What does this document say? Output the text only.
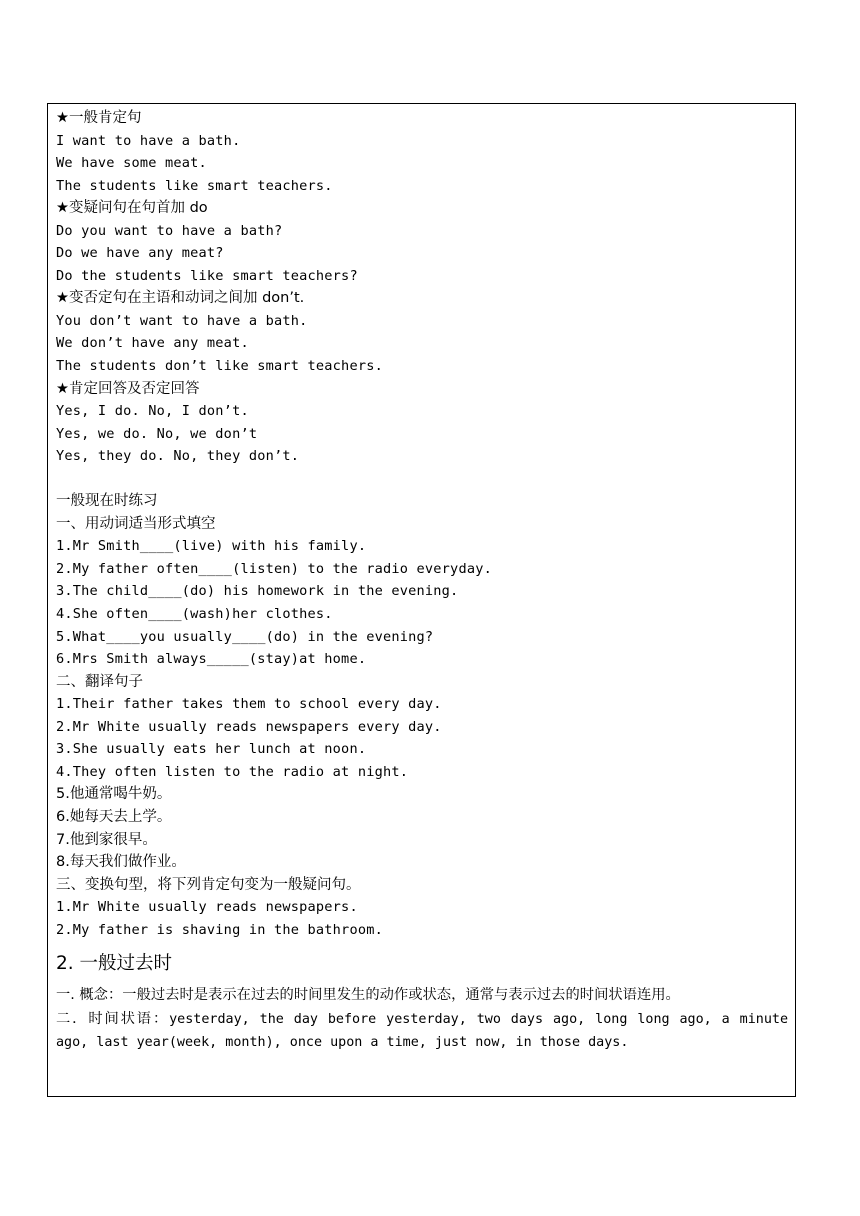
★一般肯定句
I want to have a bath.
We have some meat.
The students like smart teachers.
★变疑问句在句首加 do
Do you want to have a bath?
Do we have any meat?
Do the students like smart teachers?
★变否定句在主语和动词之间加 don’t.
You don’t want to have a bath.
We don’t have any meat.
The students don’t like smart teachers.
★肯定回答及否定回答
Yes, I do. No, I don’t.
Yes, we do. No, we don’t
Yes, they do. No, they don’t.
一般现在时练习
一、用动词适当形式填空
1.Mr Smith____(live) with his family.
2.My father often____(listen) to the radio everyday.
3.The child____(do) his homework in the evening.
4.She often____(wash)her clothes.
5.What____you usually____(do) in the evening?
6.Mrs Smith always_____(stay)at home.
二、翻译句子
1.Their father takes them to school every day.
2.Mr White usually reads newspapers every day.
3.She usually eats her lunch at noon.
4.They often listen to the radio at night.
5.他通常喝牛奶。
6.她每天去上学。
7.他到家很早。
8.每天我们做作业。
三、变换句型，将下列肯定句变为一般疑问句。
1.Mr White usually reads newspapers.
2.My father is shaving in the bathroom.
2. 一般过去时
一. 概念：一般过去时是表示在过去的时间里发生的动作或状态，通常与表示过去的时间状语连用。
二．时间状语：yesterday, the day before yesterday, two days ago, long long ago, a minute ago, last year(week, month), once upon a time, just now, in those days.
